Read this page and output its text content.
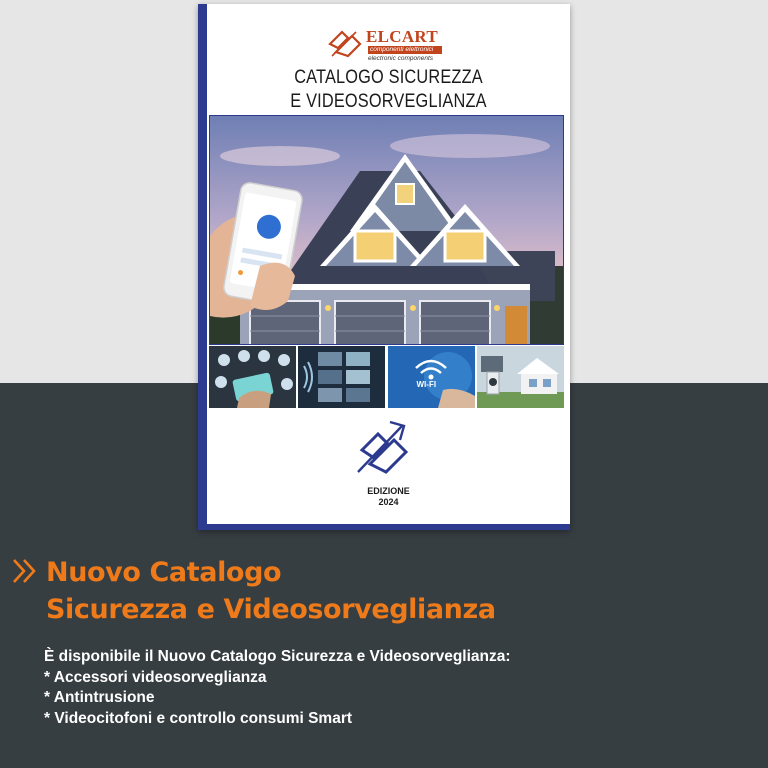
ELCART
componenti elettronici
electronic components
CATALOGO SICUREZZA
E VIDEOSORVEGLIANZA
WI-FI
EDIZIONE
2024
Nuovo Catalogo
Sicurezza e Videosorveglianza
È disponibile il Nuovo Catalogo Sicurezza e Videosorveglianza:
* Accessori videosorveglianza
* Antintrusione
* Videocitofoni e controllo consumi Smart
